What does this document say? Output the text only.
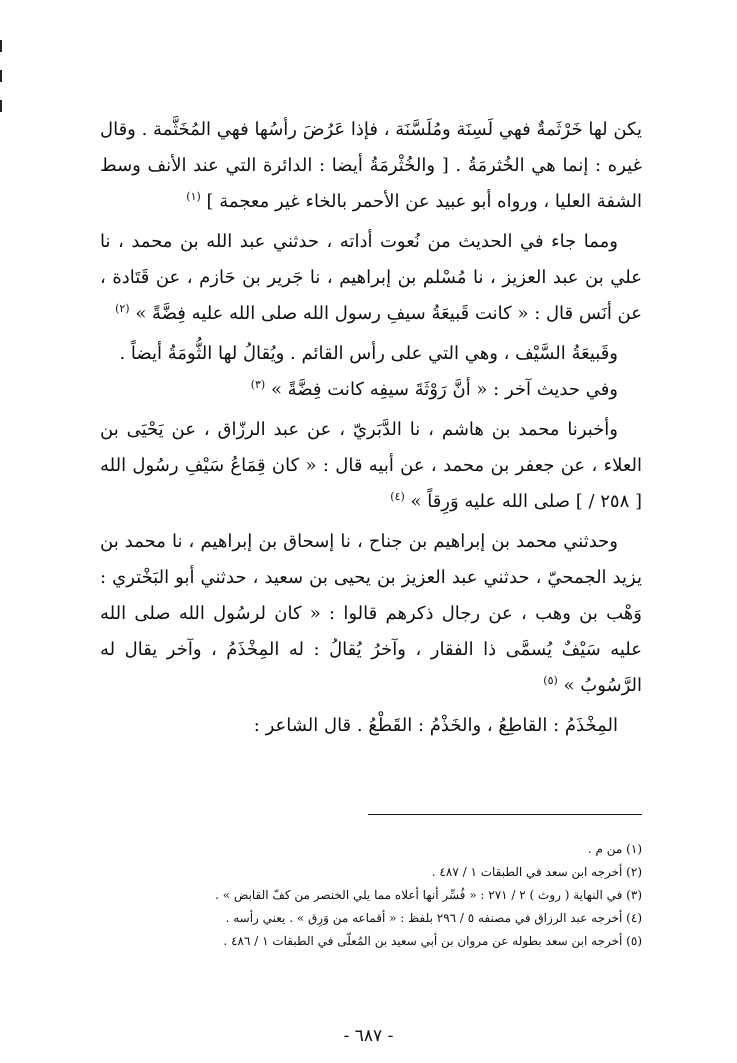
يكن لها خَرْثَمةٌ فهي لَسِنَة ومُلَسَّنَة ، فإذا عَرُضَ رأسُها فهي المُخَثَّمة . وقال غيره : إنما هي الخُثرمَةُ . [ والخُثْرمَةُ أيضا : الدائرة التي عند الأنف وسط الشفة العليا ، ورواه أبو عبيد عن الأحمر بالخاء غير معجمة ] $^{(١)}$

ومما جاء في الحديث من نُعوت أداته ، حدثني عبد الله بن محمد ، نا علي بن عبد العزيز ، نا مُسْلم بن إبراهيم ، نا جَرير بن حَازم ، عن قَتَادة ، عن أنَس قال : « كانت قَبيعَةُ سيفِ رسول الله صلى الله عليه فِضَّةً » $^{(٢)}$

وقَبيعَةُ السَّيْف ، وهي التي على رأس القائم . ويُقالُ لها الثُّومَةُ أيضاً .

وفي حديث آخر : « أنَّ رَوْثَةَ سيفِه كانت فِضَّةً » $^{(٣)}$

وأخبرنا محمد بن هاشم ، نا الدَّبَريّ ، عن عبد الرزّاق ، عن يَحْيَى بن العلاء ، عن جعفر بن محمد ، عن أبيه قال : « كان قِمَاعُ سَيْفِ رسُول الله [ ٢٥٨ / ] صلى الله عليه وَرِقاً » $^{(٤)}$

وحدثني محمد بن إبراهيم بن جناح ، نا إسحاق بن إبراهيم ، نا محمد بن يزيد الجمحيّ ، حدثني عبد العزيز بن يحيى بن سعيد ، حدثني أبو البَخْتري : وَهْب بن وهب ، عن رجال ذكرهم قالوا : « كان لرسُول الله صلى الله عليه سَيْفٌ يُسمَّى ذا الفقار ، وآخرُ يُقالُ : له المِخْذَمُ ، وآخر يقال له الرَّسُوبُ » $^{(٥)}$

المِخْذَمُ : القاطِعُ ، والخَذْمُ : القَطْعُ . قال الشاعر :

(١) من م .

(٢) أخرجه ابن سعد في الطبقات ١ / ٤٨٧ .

(٣) في النهاية ( روث ) ٢ / ٢٧١ : « فُسِّر أنها أعلاه مما يلي الخنصر من كفّ القابض » .

(٤) أخرجه عبد الرزاق في مصنفه ٥ / ٢٩٦ بلفظ : « أقماعه من وَرِق » . يعني رأسه .

(٥) أخرجه ابن سعد بطوله عن مروان بن أبي سعيد بن المُعلّى في الطبقات ١ / ٤٨٦ .

- ٦٨٧ -
